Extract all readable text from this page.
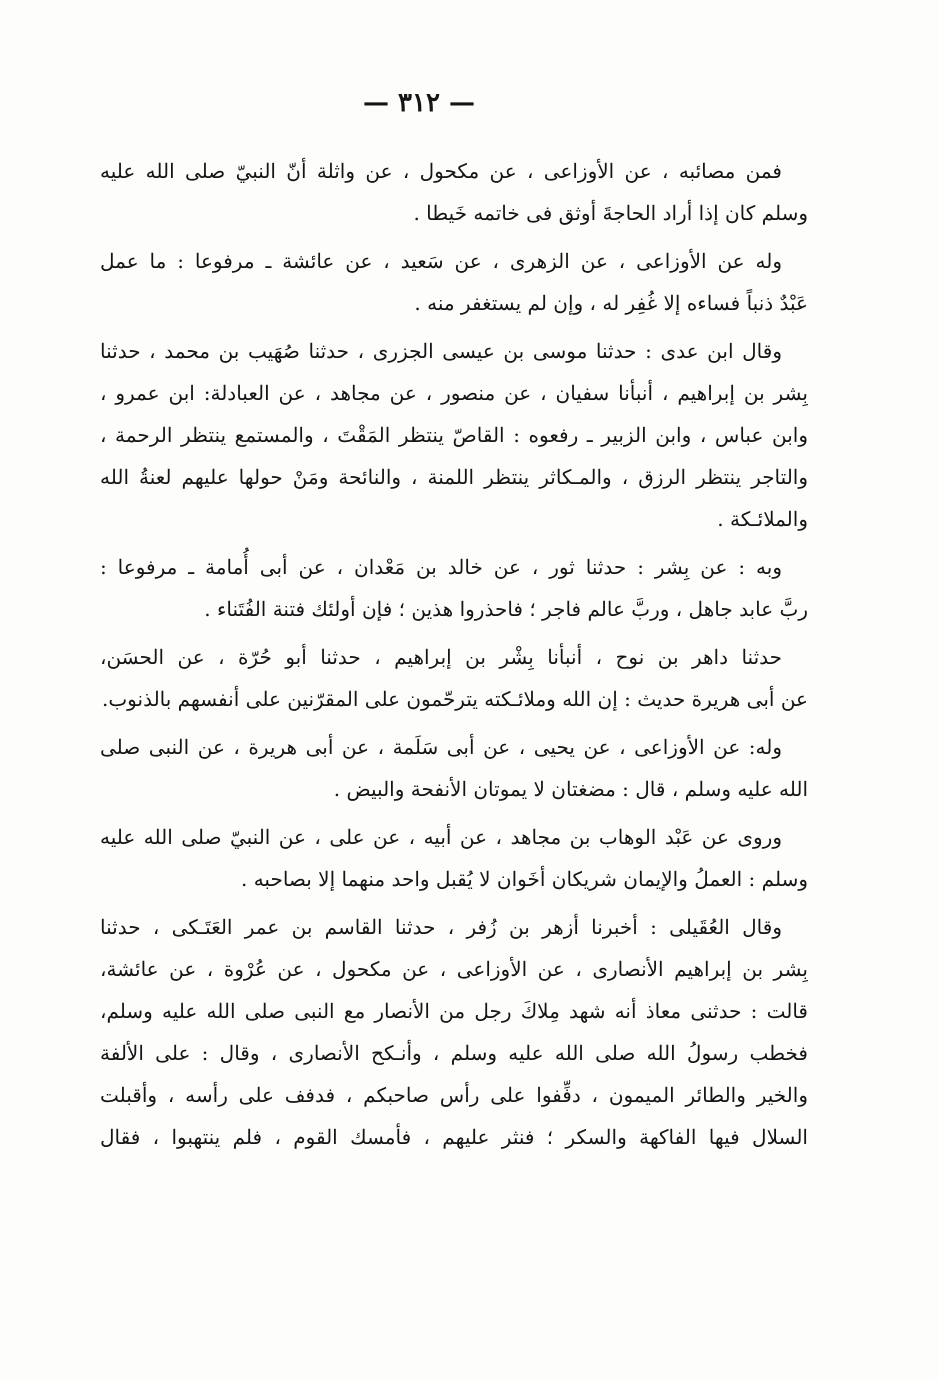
— ٣١٢ —
فمن مصائبه ، عن الأوزاعى ، عن مكحول ، عن واثلة أنّ النبيّ صلى الله عليه
وسلم كان إذا أراد الحاجةَ أوثق فى خاتمه خَيطا .
وله عن الأوزاعى ، عن الزهرى ، عن سَعيد ، عن عائشة ـ مرفوعا : ما عمل
عَبْدٌ ذنباً فساءه إلا غُفِر له ، وإن لم يستغفر منه .
وقال ابن عدى : حدثنا موسى بن عيسى الجزرى ، حدثنا صُهَيب بن محمد ، حدثنا
بِشر بن إبراهيم ، أنبأنا سفيان ، عن منصور ، عن مجاهد ، عن العبادلة: ابن عمرو ،
وابن عباس ، وابن الزبير ـ رفعوه : القاصّ ينتظر المَقْتَ ، والمستمع ينتظر الرحمة ،
والتاجر ينتظر الرزق ، والمـكاثر ينتظر اللمنة ، والنائحة ومَنْ حولها عليهم لعنةُ الله
والملائـكة .
وبه : عن بِشر : حدثنا ثور ، عن خالد بن مَعْدان ، عن أبى أُمامة ـ مرفوعا :
ربَّ عابد جاهل ، وربَّ عالم فاجر ؛ فاحذروا هذين ؛ فإن أولئك فتنة الفُتَناء .
حدثنا داهر بن نوح ، أنبأنا بِشْر بن إبراهيم ، حدثنا أبو حُرّة ، عن الحسَن،
عن أبى هريرة حديث : إن الله وملائـكته يترحّمون على المقرّنين على أنفسهم بالذنوب.
وله: عن الأوزاعى ، عن يحيى ، عن أبى سَلَمة ، عن أبى هريرة ، عن النبى صلى
الله عليه وسلم ، قال : مضغتان لا يموتان الأنفحة والبيض .
وروى عن عَبْد الوهاب بن مجاهد ، عن أبيه ، عن على ، عن النبيّ صلى الله عليه
وسلم : العملُ والإيمان شريكان أخَوان لا يُقبل واحد منهما إلا بصاحبه .
وقال العُقَيلى : أخبرنا أزهر بن زُفر ، حدثنا القاسم بن عمر العَتَـكى ، حدثنا
بِشر بن إبراهيم الأنصارى ، عن الأوزاعى ، عن مكحول ، عن عُرْوة ، عن عائشة،
قالت : حدثنى معاذ أنه شهد مِلاكَ رجل من الأنصار مع النبى صلى الله عليه وسلم،
فخطب رسولُ الله صلى الله عليه وسلم ، وأنـكح الأنصارى ، وقال : على الألفة
والخير والطائر الميمون ، دفِّفوا على رأس صاحبكم ، فدفف على رأسه ، وأقبلت
السلال فيها الفاكهة والسكر ؛ فنثر عليهم ، فأمسك القوم ، فلم ينتهبوا ، فقال
